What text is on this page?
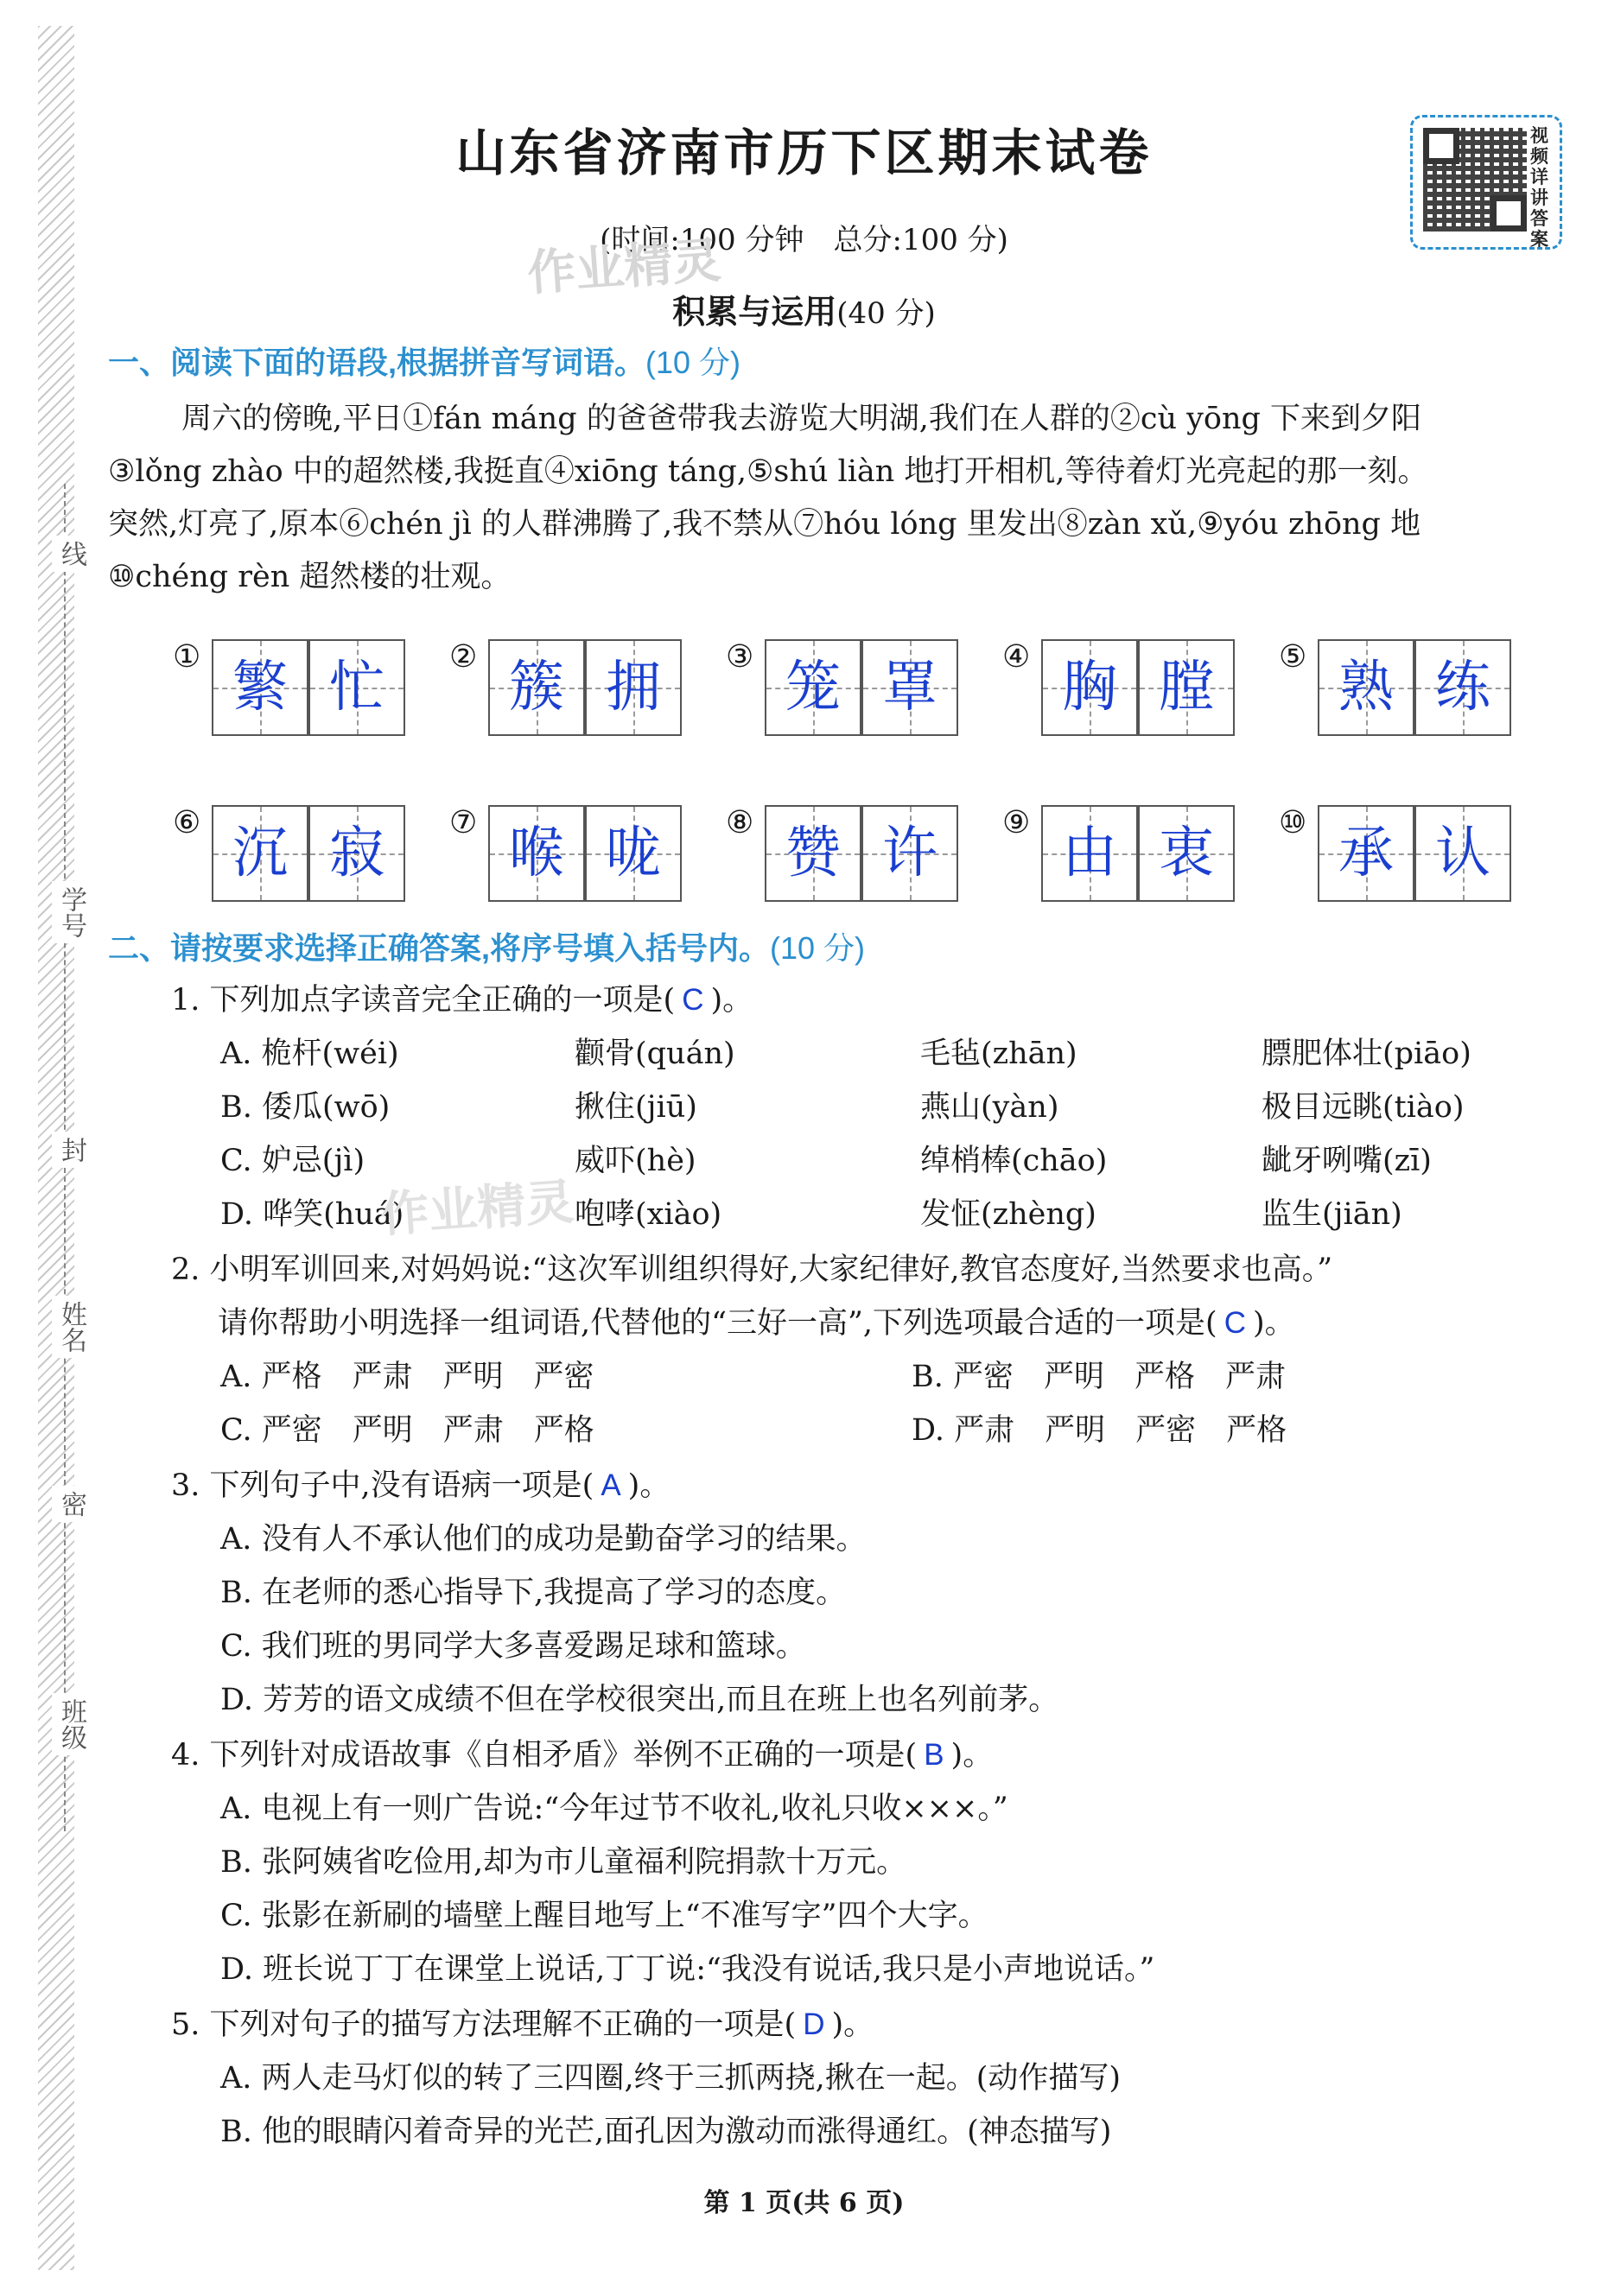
线
学号
封
姓名
密
班级
山东省济南市历下区期末试卷
(时间:100 分钟　总分:100 分)
视频详讲答案
作业精灵
积累与运用(40 分)
一、阅读下面的语段,根据拼音写词语。(10 分)

周六的傍晚,平日①fán máng 的爸爸带我去游览大明湖,我们在人群的②cù yōng 下来到夕阳

③lǒng zhào 中的超然楼,我挺直④xiōng táng,⑤shú liàn 地打开相机,等待着灯光亮起的那一刻。

突然,灯亮了,原本⑥chén jì 的人群沸腾了,我不禁从⑦hóu lóng 里发出⑧zàn xǔ,⑨yóu zhōng 地

⑩chéng rèn 超然楼的壮观。

① 繁 忙	② 簇 拥	③ 笼 罩	④ 胸 膛	⑤ 熟 练
⑥ 沉 寂	⑦ 喉 咙	⑧ 赞 许	⑨ 由 衷	⑩ 承 认
二、请按要求选择正确答案,将序号填入括号内。(10 分)
1. 下列加点字读音完全正确的一项是( C )。
A. 桅杆(wéi)	颧骨(quán)	毛毡(zhān)	膘肥体壮(piāo)
B. 倭瓜(wō)	揪住(jiū)	燕山(yàn)	极目远眺(tiào)
C. 妒忌(jì)	威吓(hè)	绰梢棒(chāo)	龇牙咧嘴(zī)
D. 哗笑(huá)	咆哮(xiào)	发怔(zhèng)	监生(jiān)
作业精灵
2. 小明军训回来,对妈妈说:“这次军训组织得好,大家纪律好,教官态度好,当然要求也高。”
请你帮助小明选择一组词语,代替他的“三好一高”,下列选项最合适的一项是( C )。
A. 严格　严肃　严明　严密	B. 严密　严明　严格　严肃
C. 严密　严明　严肃　严格	D. 严肃　严明　严密　严格
3. 下列句子中,没有语病一项是( A )。
A. 没有人不承认他们的成功是勤奋学习的结果。
B. 在老师的悉心指导下,我提高了学习的态度。
C. 我们班的男同学大多喜爱踢足球和篮球。
D. 芳芳的语文成绩不但在学校很突出,而且在班上也名列前茅。
4. 下列针对成语故事《自相矛盾》举例不正确的一项是( B )。
A. 电视上有一则广告说:“今年过节不收礼,收礼只收×××。”
B. 张阿姨省吃俭用,却为市儿童福利院捐款十万元。
C. 张影在新刷的墙壁上醒目地写上“不准写字”四个大字。
D. 班长说丁丁在课堂上说话,丁丁说:“我没有说话,我只是小声地说话。”
5. 下列对句子的描写方法理解不正确的一项是( D )。
A. 两人走马灯似的转了三四圈,终于三抓两挠,揪在一起。(动作描写)
B. 他的眼睛闪着奇异的光芒,面孔因为激动而涨得通红。(神态描写)
第 1 页(共 6 页)
